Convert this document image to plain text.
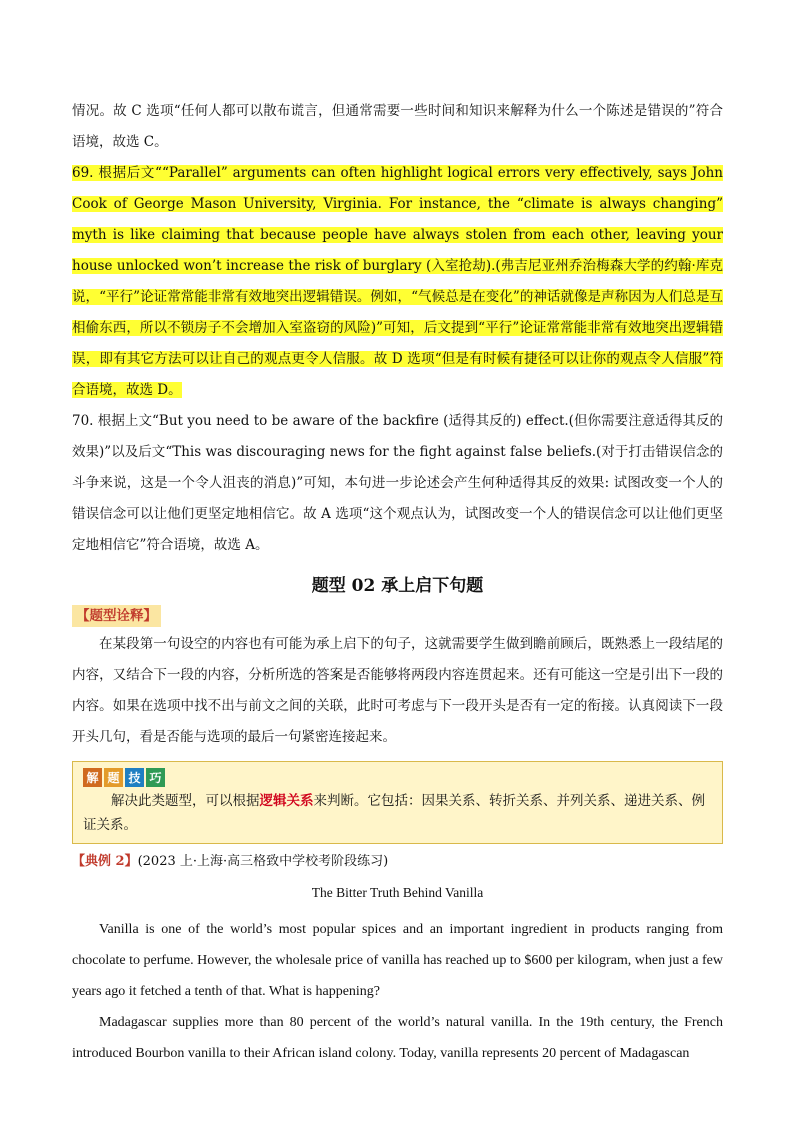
情况。故 C 选项“任何人都可以散布谎言，但通常需要一些时间和知识来解释为什么一个陈述是错误的”符合语境，故选 C。

69. 根据后文““Parallel” arguments can often highlight logical errors very effectively, says John Cook of George Mason University, Virginia. For instance, the “climate is always changing” myth is like claiming that because people have always stolen from each other, leaving your house unlocked won’t increase the risk of burglary (入室抢劫).(弗吉尼亚州乔治梅森大学的约翰·库克说，“平行”论证常常能非常有效地突出逻辑错误。例如，“气候总是在变化”的神话就像是声称因为人们总是互相偷东西，所以不锁房子不会增加入室盗窃的风险)”可知，后文提到“平行”论证常常能非常有效地突出逻辑错误，即有其它方法可以让自己的观点更令人信服。故 D 选项“但是有时候有捷径可以让你的观点令人信服”符合语境，故选 D。

70. 根据上文“But you need to be aware of the backfire (适得其反的) effect.(但你需要注意适得其反的效果)”以及后文“This was discouraging news for the fight against false beliefs.(对于打击错误信念的斗争来说，这是一个令人沮丧的消息)”可知，本句进一步论述会产生何种适得其反的效果: 试图改变一个人的错误信念可以让他们更坚定地相信它。故 A 选项“这个观点认为，试图改变一个人的错误信念可以让他们更坚定地相信它”符合语境，故选 A。

题型 02 承上启下句题
【题型诠释】

在某段第一句设空的内容也有可能为承上启下的句子，这就需要学生做到瞻前顾后，既熟悉上一段结尾的内容，又结合下一段的内容，分析所选的答案是否能够将两段内容连贯起来。还有可能这一空是引出下一段的内容。如果在选项中找不出与前文之间的关联，此时可考虑与下一段开头是否有一定的衔接。认真阅读下一段开头几句，看是否能与选项的最后一句紧密连接起来。

解 题 技 巧

解决此类题型，可以根据逻辑关系来判断。它包括：因果关系、转折关系、并列关系、递进关系、例证关系。

【典例 2】(2023 上·上海·高三格致中学校考阶段练习)
The Bitter Truth Behind Vanilla

Vanilla is one of the world’s most popular spices and an important ingredient in products ranging from chocolate to perfume. However, the wholesale price of vanilla has reached up to $600 per kilogram, when just a few years ago it fetched a tenth of that. What is happening?

Madagascar supplies more than 80 percent of the world’s natural vanilla. In the 19th century, the French introduced Bourbon vanilla to their African island colony. Today, vanilla represents 20 percent of Madagascan
